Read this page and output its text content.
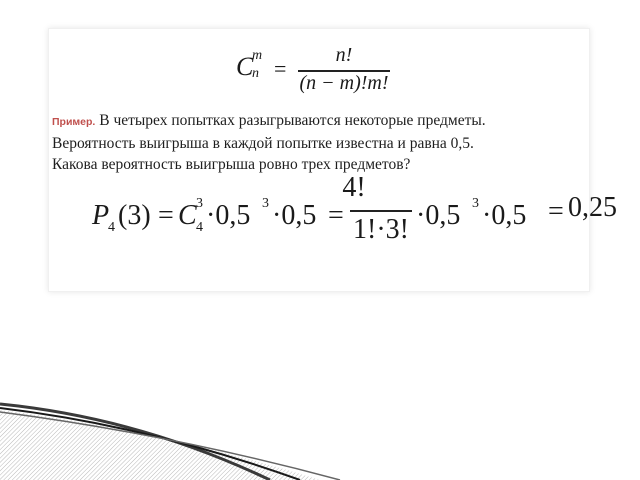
C
m
n =
n!
(n − m)!m!
Пример. В четырех попытках разыгрываются некоторые предметы.
Вероятность выигрыша в каждой попытке известна и равна 0,5.
Какова вероятность выигрыша ровно трех предметов?
P
4 (3) = C 3
4 ·0,5 3 ·0,5 =
4!
1!·3! ·0,5 3 ·0,5 = 0,25
